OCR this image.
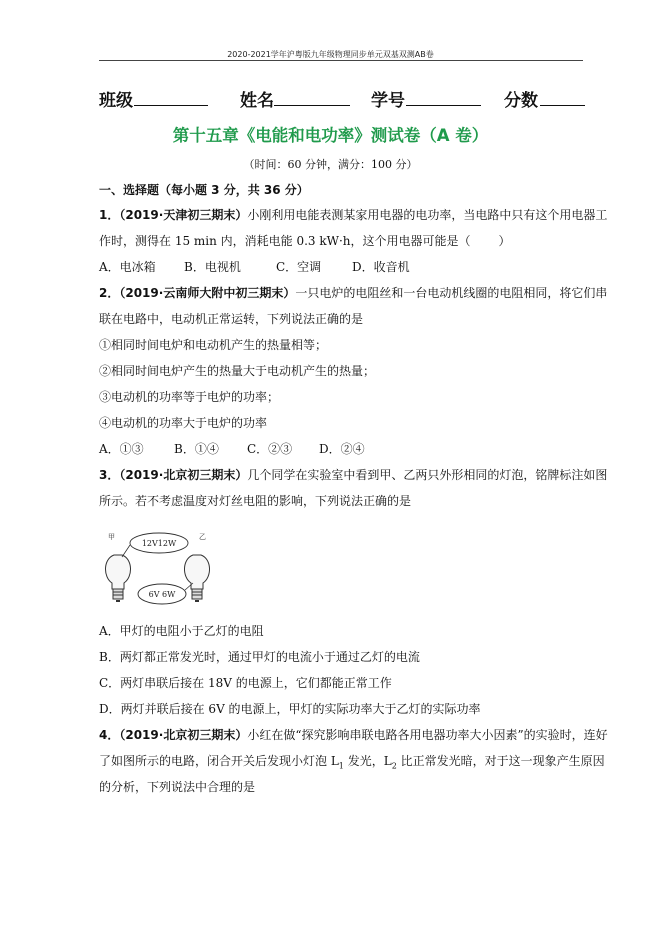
2020-2021学年沪粤版九年级物理同步单元双基双测AB卷
班级	姓名	学号	分数
第十五章《电能和电功率》测试卷（A 卷）
（时间：60 分钟，满分：100 分）
一、选择题（每小题 3 分，共 36 分）
1．（2019·天津初三期末）小刚利用电能表测某家用电器的电功率，当电路中只有这个用电器工
作时，测得在 15 min 内，消耗电能 0.3 kW·h，这个用电器可能是（ ）
A．电冰箱 B．电视机	C．空调	D．收音机
2．（2019·云南师大附中初三期末）一只电炉的电阻丝和一台电动机线圈的电阻相同，将它们串
联在电路中，电动机正常运转，下列说法正确的是
①相同时间电炉和电动机产生的热量相等；
②相同时间电炉产生的热量大于电动机产生的热量；
③电动机的功率等于电炉的功率；
④电动机的功率大于电炉的功率
A．①③	B．①④ C．②③ D．②④
3．（2019·北京初三期末）几个同学在实验室中看到甲、乙两只外形相同的灯泡，铭牌标注如图
所示。若不考虑温度对灯丝电阻的影响，下列说法正确的是
甲	乙
12V12W
6V 6W
A．甲灯的电阻小于乙灯的电阻
B．两灯都正常发光时，通过甲灯的电流小于通过乙灯的电流
C．两灯串联后接在 18V 的电源上，它们都能正常工作
D．两灯并联后接在 6V 的电源上，甲灯的实际功率大于乙灯的实际功率
4．（2019·北京初三期末）小红在做“探究影响串联电路各用电器功率大小因素”的实验时，连好
了如图所示的电路，闭合开关后发现小灯泡 $L_1$ 发光，$L_2$ 比正常发光暗，对于这一现象产生原因
的分析，下列说法中合理的是
